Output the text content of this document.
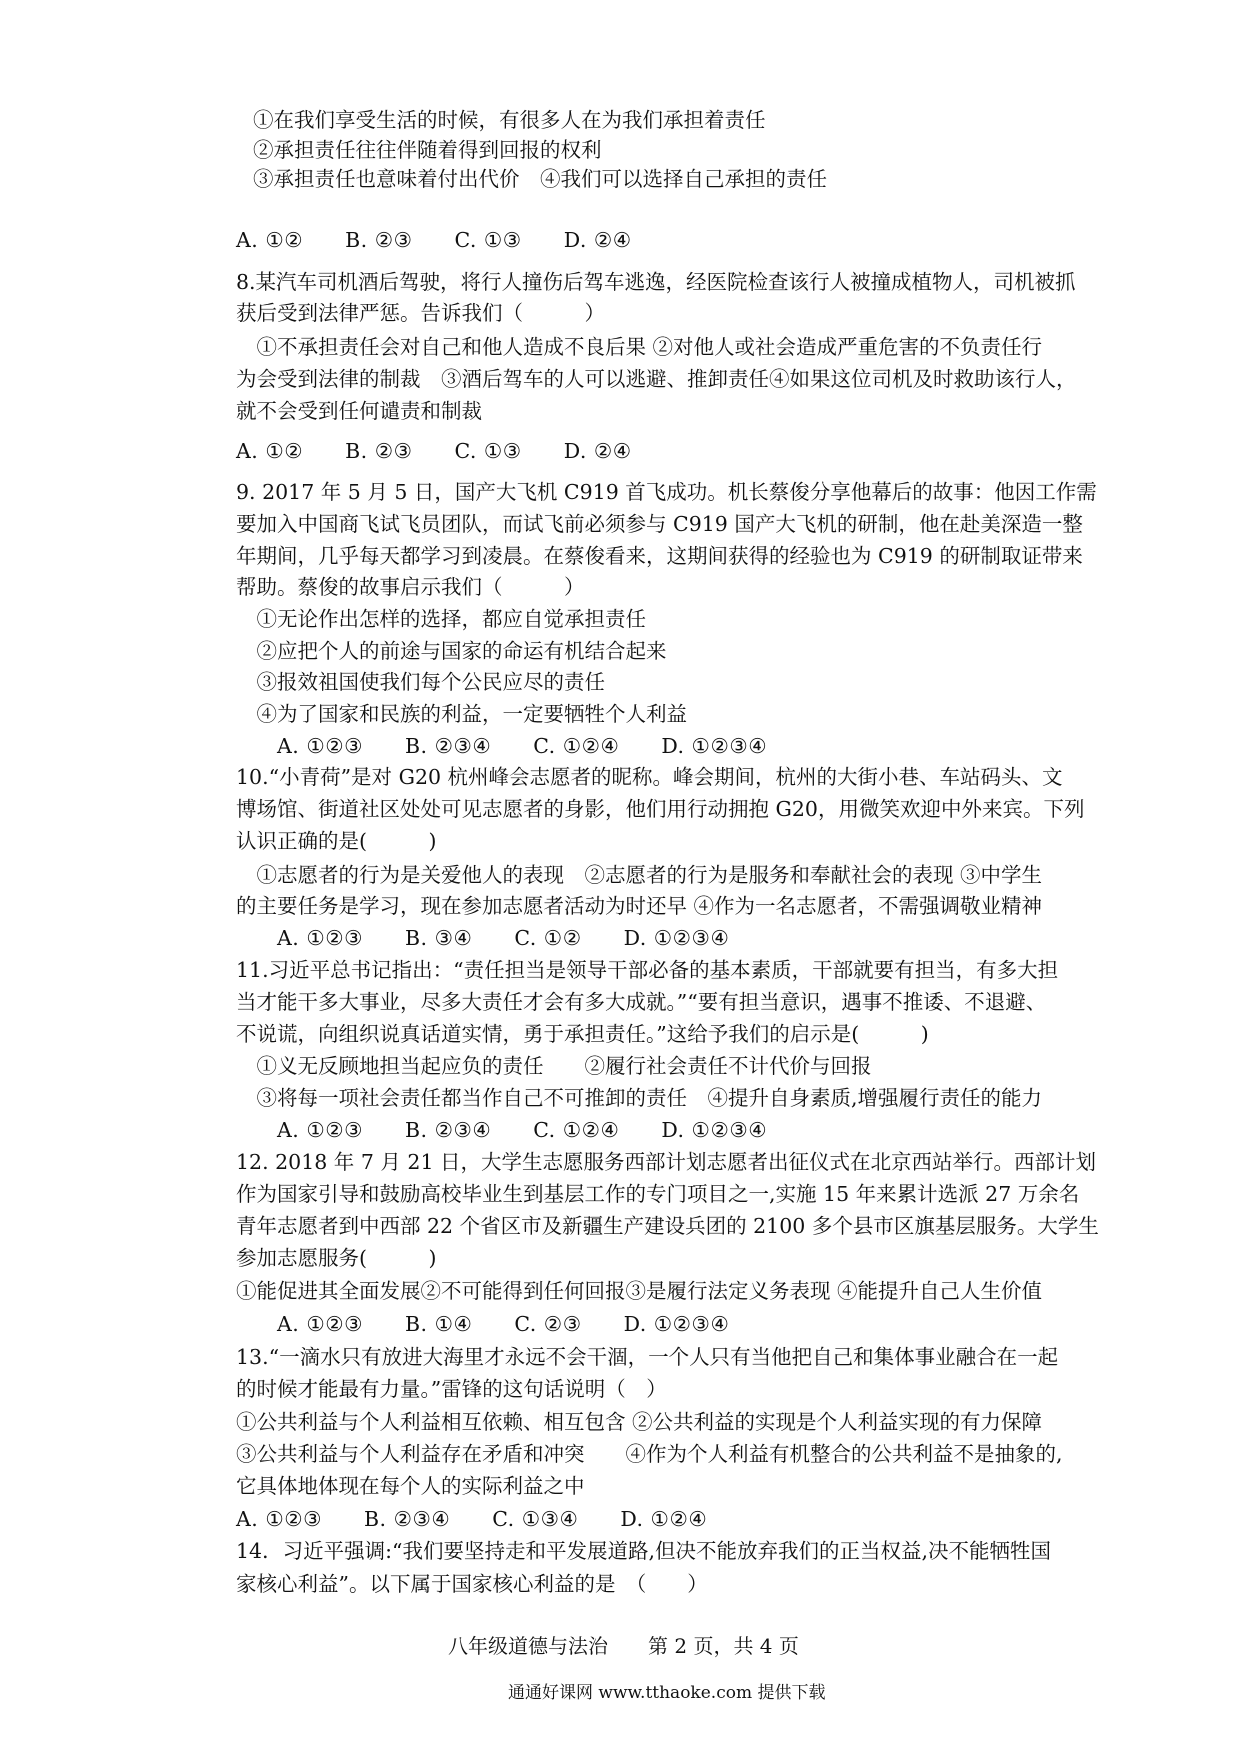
①在我们享受生活的时候，有很多人在为我们承担着责任
②承担责任往往伴随着得到回报的权利
③承担责任也意味着付出代价　④我们可以选择自己承担的责任
A. ①②　　B. ②③　　C. ①③　　D. ②④
8.某汽车司机酒后驾驶，将行人撞伤后驾车逃逸，经医院检查该行人被撞成植物人，司机被抓
获后受到法律严惩。告诉我们（　　　）
　①不承担责任会对自己和他人造成不良后果 ②对他人或社会造成严重危害的不负责任行
为会受到法律的制裁　③酒后驾车的人可以逃避、推卸责任④如果这位司机及时救助该行人，
就不会受到任何谴责和制裁
A. ①②　　B. ②③　　C. ①③　　D. ②④
9. 2017 年 5 月 5 日，国产大飞机 C919 首飞成功。机长蔡俊分享他幕后的故事：他因工作需
要加入中国商飞试飞员团队，而试飞前必须参与 C919 国产大飞机的研制，他在赴美深造一整
年期间，几乎每天都学习到凌晨。在蔡俊看来，这期间获得的经验也为 C919 的研制取证带来
帮助。蔡俊的故事启示我们（　　　）
　①无论作出怎样的选择，都应自觉承担责任
　②应把个人的前途与国家的命运有机结合起来
　③报效祖国使我们每个公民应尽的责任
　④为了国家和民族的利益，一定要牺牲个人利益
A. ①②③　　B. ②③④　　C. ①②④　　D. ①②③④
10.“小青荷”是对 G20 杭州峰会志愿者的昵称。峰会期间，杭州的大街小巷、车站码头、文
博场馆、街道社区处处可见志愿者的身影，他们用行动拥抱 G20，用微笑欢迎中外来宾。下列
认识正确的是(　　　)
　①志愿者的行为是关爱他人的表现　②志愿者的行为是服务和奉献社会的表现 ③中学生
的主要任务是学习，现在参加志愿者活动为时还早 ④作为一名志愿者，不需强调敬业精神
A. ①②③　　B. ③④　　C. ①②　　D. ①②③④
11.习近平总书记指出：“责任担当是领导干部必备的基本素质，干部就要有担当，有多大担
当才能干多大事业，尽多大责任才会有多大成就。”“要有担当意识，遇事不推诿、不退避、
不说谎，向组织说真话道实情，勇于承担责任。”这给予我们的启示是(　　　)
　①义无反顾地担当起应负的责任　　②履行社会责任不计代价与回报
　③将每一项社会责任都当作自己不可推卸的责任　④提升自身素质,增强履行责任的能力
A. ①②③　　B. ②③④　　C. ①②④　　D. ①②③④
12. 2018 年 7 月 21 日，大学生志愿服务西部计划志愿者出征仪式在北京西站举行。西部计划
作为国家引导和鼓励高校毕业生到基层工作的专门项目之一,实施 15 年来累计选派 27 万余名
青年志愿者到中西部 22 个省区市及新疆生产建设兵团的 2100 多个县市区旗基层服务。大学生
参加志愿服务(　　　)
①能促进其全面发展②不可能得到任何回报③是履行法定义务表现 ④能提升自己人生价值
A. ①②③　　B. ①④　　C. ②③　　D. ①②③④
13.“一滴水只有放进大海里才永远不会干涸，一个人只有当他把自己和集体事业融合在一起
的时候才能最有力量。”雷锋的这句话说明（　）
①公共利益与个人利益相互依赖、相互包含 ②公共利益的实现是个人利益实现的有力保障
③公共利益与个人利益存在矛盾和冲突　　④作为个人利益有机整合的公共利益不是抽象的,
它具体地体现在每个人的实际利益之中
A. ①②③　　B. ②③④　　C. ①③④　　D. ①②④
14．习近平强调:“我们要坚持走和平发展道路,但决不能放弃我们的正当权益,决不能牺牲国
家核心利益”。以下属于国家核心利益的是　（　　）
八年级道德与法治　　第 2 页，共 4 页
通通好课网 www.tthaoke.com 提供下载
